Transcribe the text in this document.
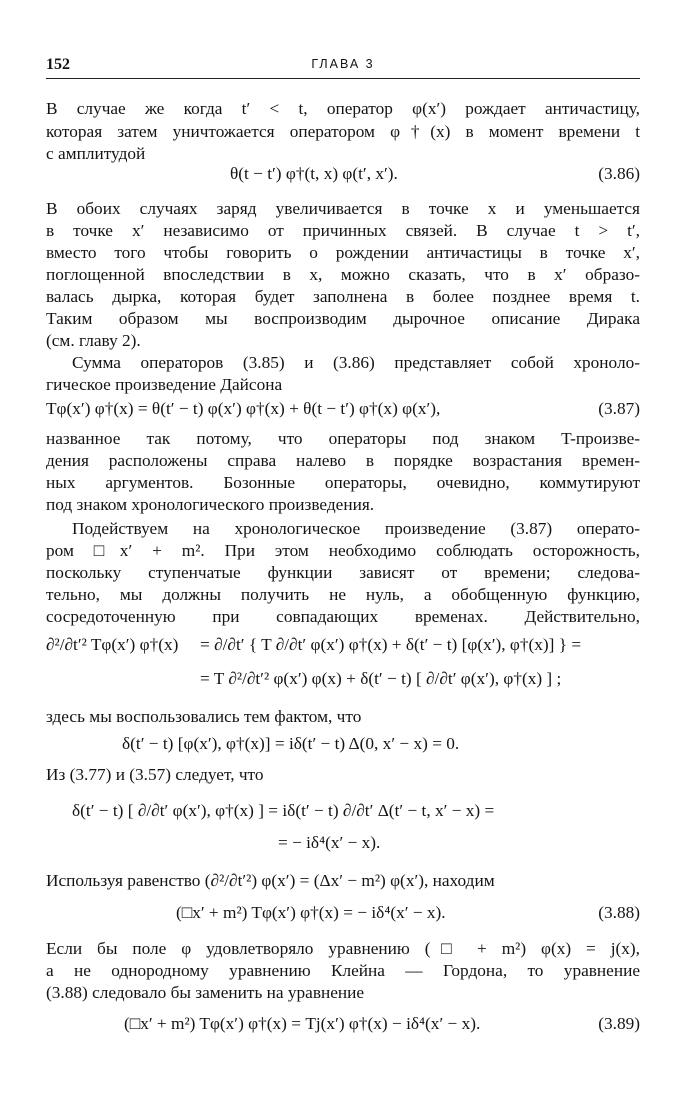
152	ГЛАВА 3
В случае же когда t′ < t, оператор φ(x′) рождает античастицу,
которая затем уничтожается оператором φ†(x) в момент времени t
с амплитудой
θ(t − t′) φ†(t, x) φ(t′, x′).	(3.86)
В обоих случаях заряд увеличивается в точке x и уменьшается
в точке x′ независимо от причинных связей. В случае t > t′,
вместо того чтобы говорить о рождении античастицы в точке x′,
поглощенной впоследствии в x, можно сказать, что в x′ образо-
валась дырка, которая будет заполнена в более позднее время t.
Таким образом мы воспроизводим дырочное описание Дирака
(см. главу 2).
Сумма операторов (3.85) и (3.86) представляет собой хроноло-
гическое произведение Дайсона
Tφ(x′) φ†(x) = θ(t′ − t) φ(x′) φ†(x) + θ(t − t′) φ†(x) φ(x′),	(3.87)
названное так потому, что операторы под знаком T-произве-
дения расположены справа налево в порядке возрастания времен-
ных аргументов. Бозонные операторы, очевидно, коммутируют
под знаком хронологического произведения.
Подействуем на хронологическое произведение (3.87) операто-
ром □x′ + m². При этом необходимо соблюдать осторожность,
поскольку ступенчатые функции зависят от времени; следова-
тельно, мы должны получить не нуль, а обобщенную функцию,
сосредоточенную при совпадающих временах. Действительно,
∂²/∂t′² Tφ(x′) φ†(x) = ∂/∂t′ { T ∂/∂t′ φ(x′) φ†(x) + δ(t′ − t) [φ(x′), φ†(x)] } =
= T ∂²/∂t′² φ(x′) φ(x) + δ(t′ − t) [ ∂/∂t′ φ(x′), φ†(x) ] ;
здесь мы воспользовались тем фактом, что
δ(t′ − t) [φ(x′), φ†(x)] = iδ(t′ − t) Δ(0, x′ − x) = 0.
Из (3.77) и (3.57) следует, что
δ(t′ − t) [ ∂/∂t′ φ(x′), φ†(x) ] = iδ(t′ − t) ∂/∂t′ Δ(t′ − t, x′ − x) =
= − iδ⁴(x′ − x).
Используя равенство (∂²/∂t′²) φ(x′) = (Δx′ − m²) φ(x′), находим
(□x′ + m²) Tφ(x′) φ†(x) = − iδ⁴(x′ − x).	(3.88)
Если бы поле φ удовлетворяло уравнению (□ + m²) φ(x) = j(x),
а не однородному уравнению Клейна — Гордона, то уравнение
(3.88) следовало бы заменить на уравнение
(□x′ + m²) Tφ(x′) φ†(x) = Tj(x′) φ†(x) − iδ⁴(x′ − x).	(3.89)
